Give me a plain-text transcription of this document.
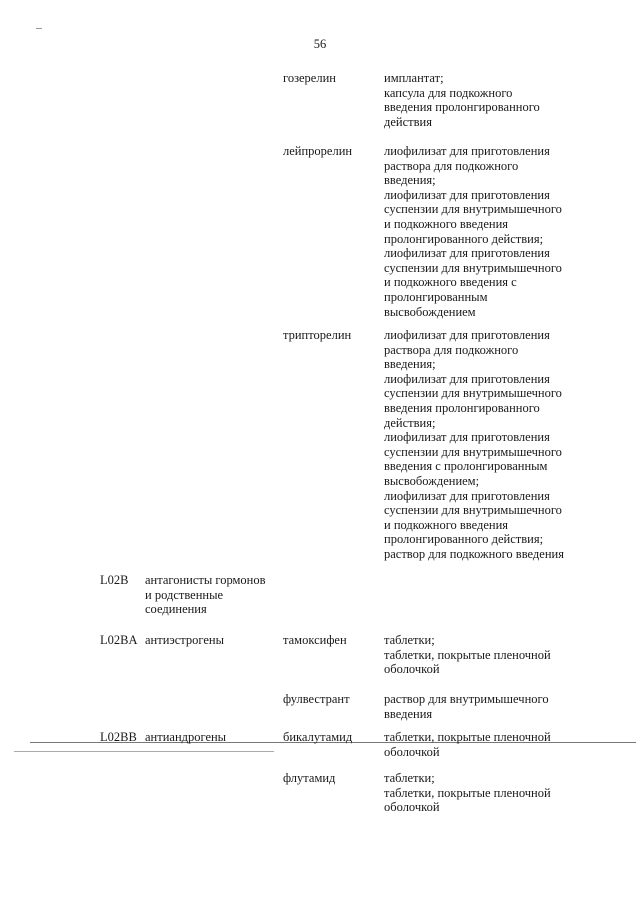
56
гозерелин	имплантат;
капсула для подкожного
введения пролонгированного
действия
лейпрорелин	лиофилизат для приготовления
раствора для подкожного
введения;
лиофилизат для приготовления
суспензии для внутримышечного
и подкожного введения
пролонгированного действия;
лиофилизат для приготовления
суспензии для внутримышечного
и подкожного введения с
пролонгированным
высвобождением
трипторелин	лиофилизат для приготовления
раствора для подкожного
введения;
лиофилизат для приготовления
суспензии для внутримышечного
введения пролонгированного
действия;
лиофилизат для приготовления
суспензии для внутримышечного
введения с пролонгированным
высвобождением;
лиофилизат для приготовления
суспензии для внутримышечного
и подкожного введения
пролонгированного действия;
раствор для подкожного введения
L02B	антагонисты гормонов
и родственные
соединения
L02BA антиэстрогены	тамоксифен	таблетки;
таблетки, покрытые пленочной
оболочкой
фулвестрант	раствор для внутримышечного
введения
L02BB антиандрогены	бикалутамид	таблетки, покрытые пленочной
оболочкой
флутамид	таблетки;
таблетки, покрытые пленочной
оболочкой
